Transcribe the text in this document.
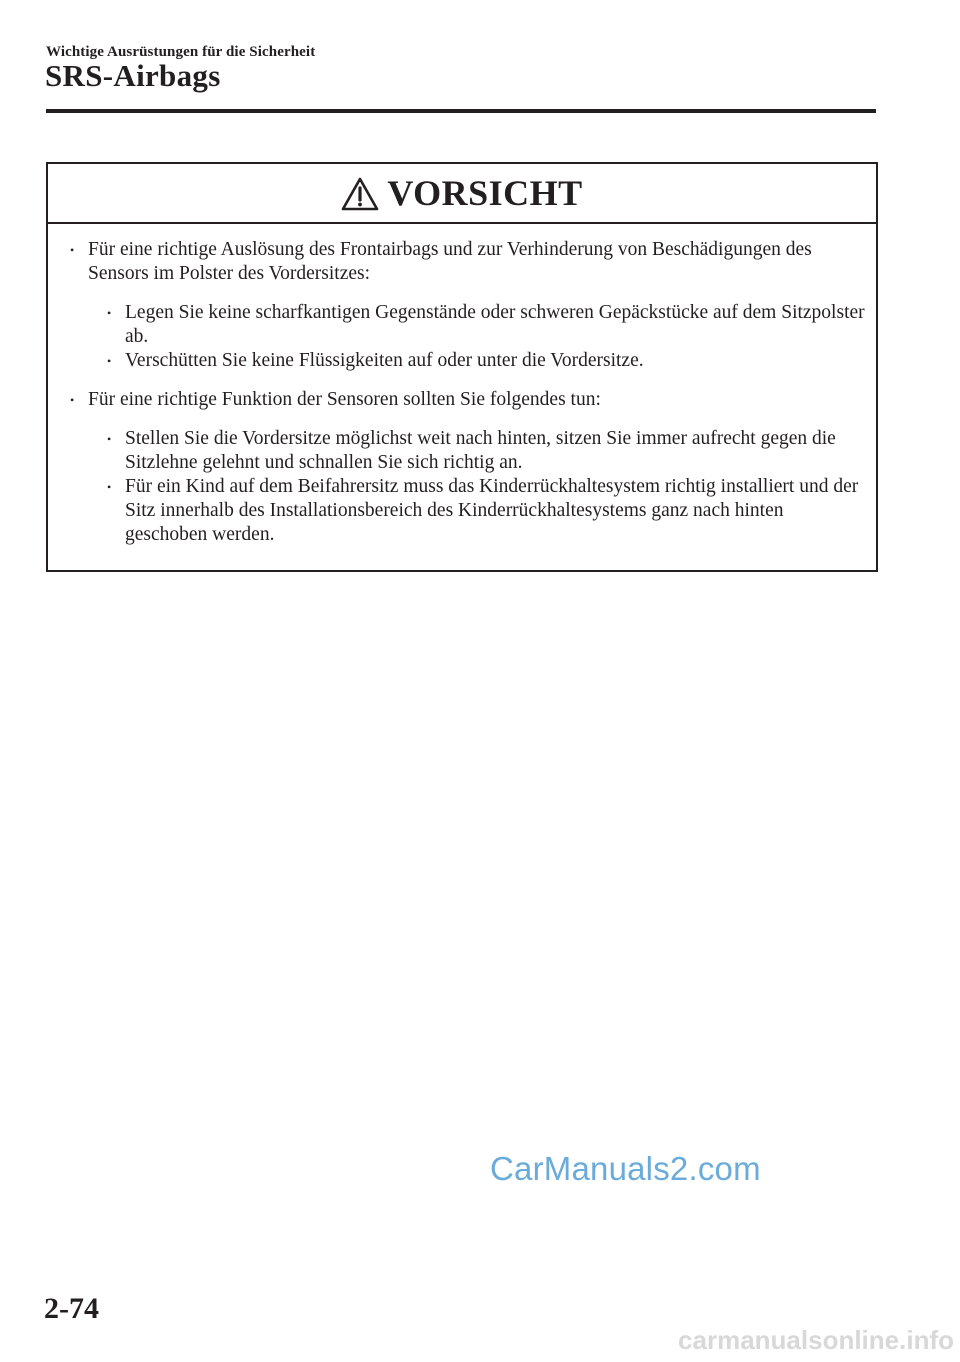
Wichtige Ausrüstungen für die Sicherheit
SRS-Airbags
VORSICHT
• Für eine richtige Auslösung des Frontairbags und zur Verhinderung von Beschädigungen des Sensors im Polster des Vordersitzes:
• Legen Sie keine scharfkantigen Gegenstände oder schweren Gepäckstücke auf dem Sitzpolster ab.
• Verschütten Sie keine Flüssigkeiten auf oder unter die Vordersitze.
• Für eine richtige Funktion der Sensoren sollten Sie folgendes tun:
• Stellen Sie die Vordersitze möglichst weit nach hinten, sitzen Sie immer aufrecht gegen die Sitzlehne gelehnt und schnallen Sie sich richtig an.
• Für ein Kind auf dem Beifahrersitz muss das Kinderrückhaltesystem richtig installiert und der Sitz innerhalb des Installationsbereich des Kinderrückhaltesystems ganz nach hinten geschoben werden.
CarManuals2.com
2-74
carmanualsonline.info
